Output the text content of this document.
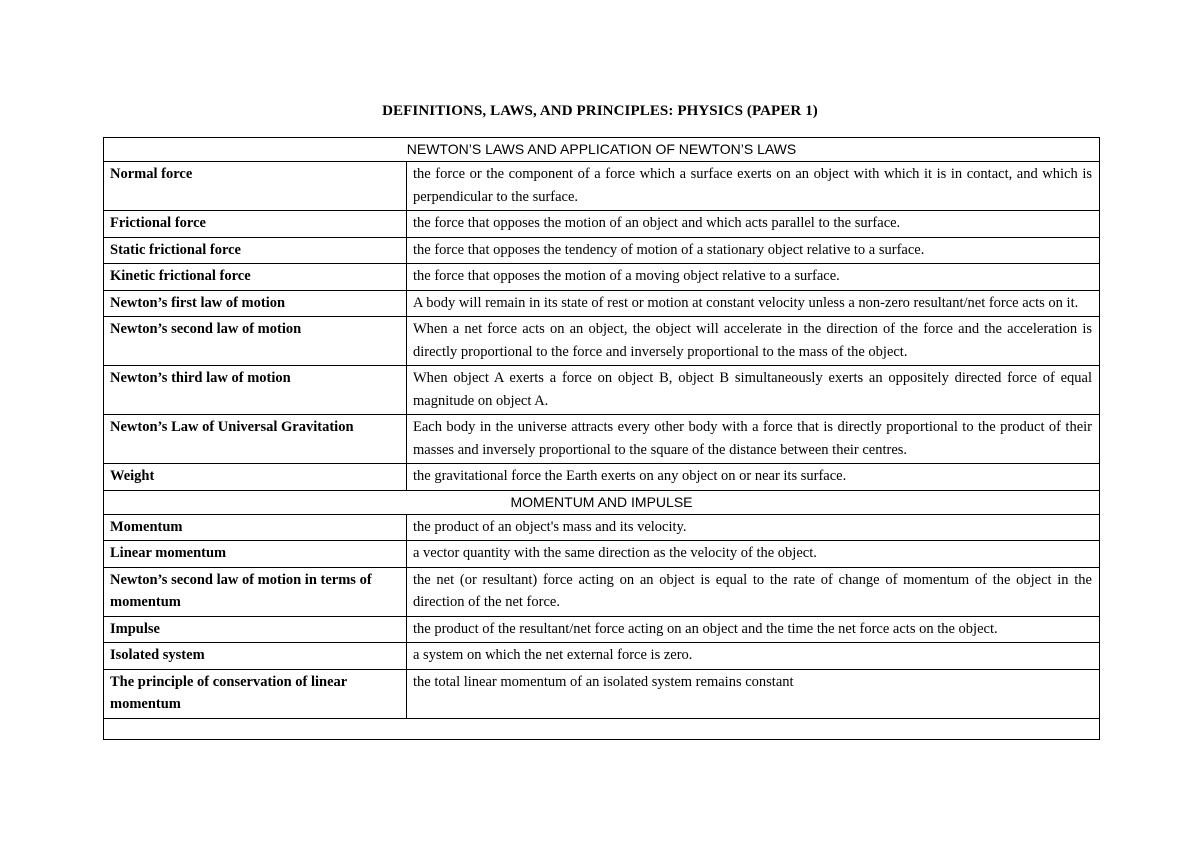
DEFINITIONS, LAWS, AND PRINCIPLES: PHYSICS (PAPER 1)
NEWTON’S LAWS AND APPLICATION OF NEWTON’S LAWS	
Normal force	the force or the component of a force which a surface exerts on an object with which it is in contact, and which is perpendicular to the surface.
Frictional force	the force that opposes the motion of an object and which acts parallel to the surface.
Static frictional force	the force that opposes the tendency of motion of a stationary object relative to a surface.
Kinetic frictional force	the force that opposes the motion of a moving object relative to a surface.
Newton’s first law of motion	A body will remain in its state of rest or motion at constant velocity unless a non-zero resultant/net force acts on it.
Newton’s second law of motion	When a net force acts on an object, the object will accelerate in the direction of the force and the acceleration is directly proportional to the force and inversely proportional to the mass of the object.
Newton’s third law of motion	When object A exerts a force on object B, object B simultaneously exerts an oppositely directed force of equal magnitude on object A.
Newton’s Law of Universal Gravitation	Each body in the universe attracts every other body with a force that is directly proportional to the product of their masses and inversely proportional to the square of the distance between their centres.
Weight	the gravitational force the Earth exerts on any object on or near its surface.
MOMENTUM AND IMPULSE	
Momentum	the product of an object's mass and its velocity.
Linear momentum	a vector quantity with the same direction as the velocity of the object.
Newton’s second law of motion in terms of momentum	the net (or resultant) force acting on an object is equal to the rate of change of momentum of the object in the direction of the net force.
Impulse	the product of the resultant/net force acting on an object and the time the net force acts on the object.
Isolated system	a system on which the net external force is zero.
The principle of conservation of linear momentum	the total linear momentum of an isolated system remains constant
